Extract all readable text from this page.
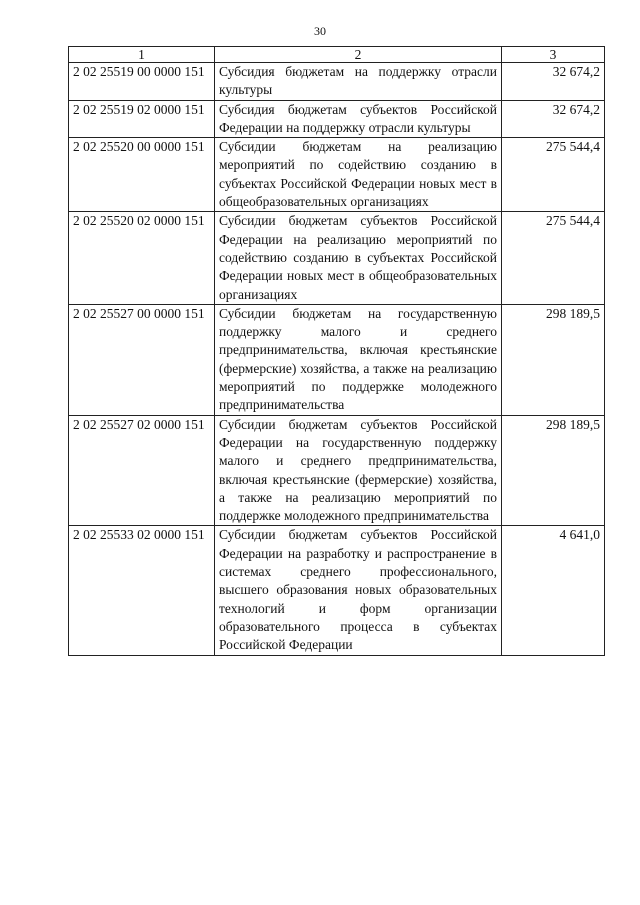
30
1	2	3
2 02 25519 00 0000 151	Субсидия бюджетам на поддержку отрасли культуры	32 674,2
2 02 25519 02 0000 151	Субсидия бюджетам субъектов Российской Федерации на поддержку отрасли культуры	32 674,2
2 02 25520 00 0000 151	Субсидии бюджетам на реализацию мероприятий по содействию созданию в субъектах Российской Федерации новых мест в общеобразовательных организациях	275 544,4
2 02 25520 02 0000 151	Субсидии бюджетам субъектов Российской Федерации на реализацию мероприятий по содействию созданию в субъектах Российской Федерации новых мест в общеобразовательных организациях	275 544,4
2 02 25527 00 0000 151	Субсидии бюджетам на государственную поддержку малого и среднего предпринимательства, включая крестьянские (фермерские) хозяйства, а также на реализацию мероприятий по поддержке молодежного предпринимательства	298 189,5
2 02 25527 02 0000 151	Субсидии бюджетам субъектов Российской Федерации на государственную поддержку малого и среднего предпринимательства, включая крестьянские (фермерские) хозяйства, а также на реализацию мероприятий по поддержке молодежного предпринимательства	298 189,5
2 02 25533 02 0000 151	Субсидии бюджетам субъектов Российской Федерации на разработку и распространение в системах среднего профессионального, высшего образования новых образовательных технологий и форм организации образовательного процесса в субъектах Российской Федерации	4 641,0
